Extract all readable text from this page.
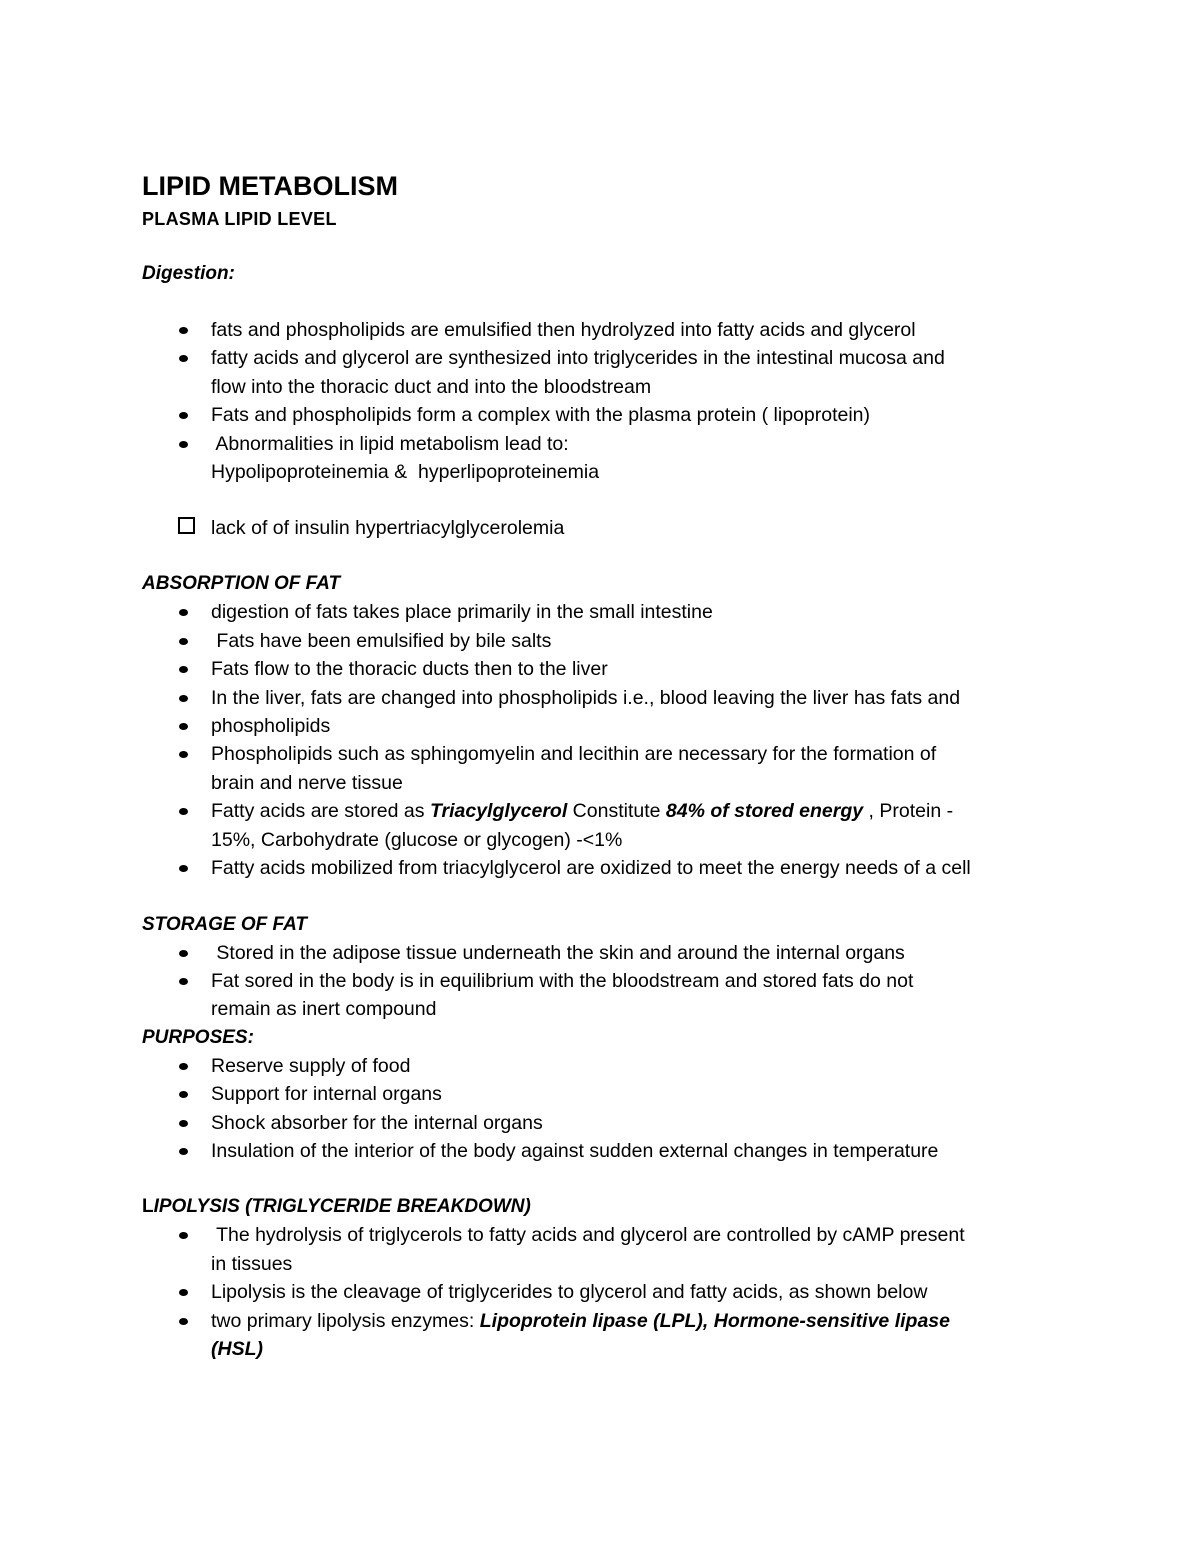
LIPID METABOLISM
PLASMA LIPID LEVEL
Digestion:
fats and phospholipids are emulsified then hydrolyzed into fatty acids and glycerol
fatty acids and glycerol are synthesized into triglycerides in the intestinal mucosa and
flow into the thoracic duct and into the bloodstream
Fats and phospholipids form a complex with the plasma protein ( lipoprotein)
Abnormalities in lipid metabolism lead to:
Hypolipoproteinemia &  hyperlipoproteinemia
lack of of insulin hypertriacylglycerolemia
ABSORPTION OF FAT
digestion of fats takes place primarily in the small intestine
Fats have been emulsified by bile salts
Fats flow to the thoracic ducts then to the liver
In the liver, fats are changed into phospholipids i.e., blood leaving the liver has fats and
phospholipids
Phospholipids such as sphingomyelin and lecithin are necessary for the formation of
brain and nerve tissue
Fatty acids are stored as Triacylglycerol Constitute 84% of stored energy , Protein -
15%, Carbohydrate (glucose or glycogen) -<1%
Fatty acids mobilized from triacylglycerol are oxidized to meet the energy needs of a cell
STORAGE OF FAT
Stored in the adipose tissue underneath the skin and around the internal organs
Fat sored in the body is in equilibrium with the bloodstream and stored fats do not
remain as inert compound
PURPOSES:
Reserve supply of food
Support for internal organs
Shock absorber for the internal organs
Insulation of the interior of the body against sudden external changes in temperature
LIPOLYSIS (TRIGLYCERIDE BREAKDOWN)
The hydrolysis of triglycerols to fatty acids and glycerol are controlled by cAMP present
in tissues
Lipolysis is the cleavage of triglycerides to glycerol and fatty acids, as shown below
two primary lipolysis enzymes: Lipoprotein lipase (LPL), Hormone-sensitive lipase
(HSL)
